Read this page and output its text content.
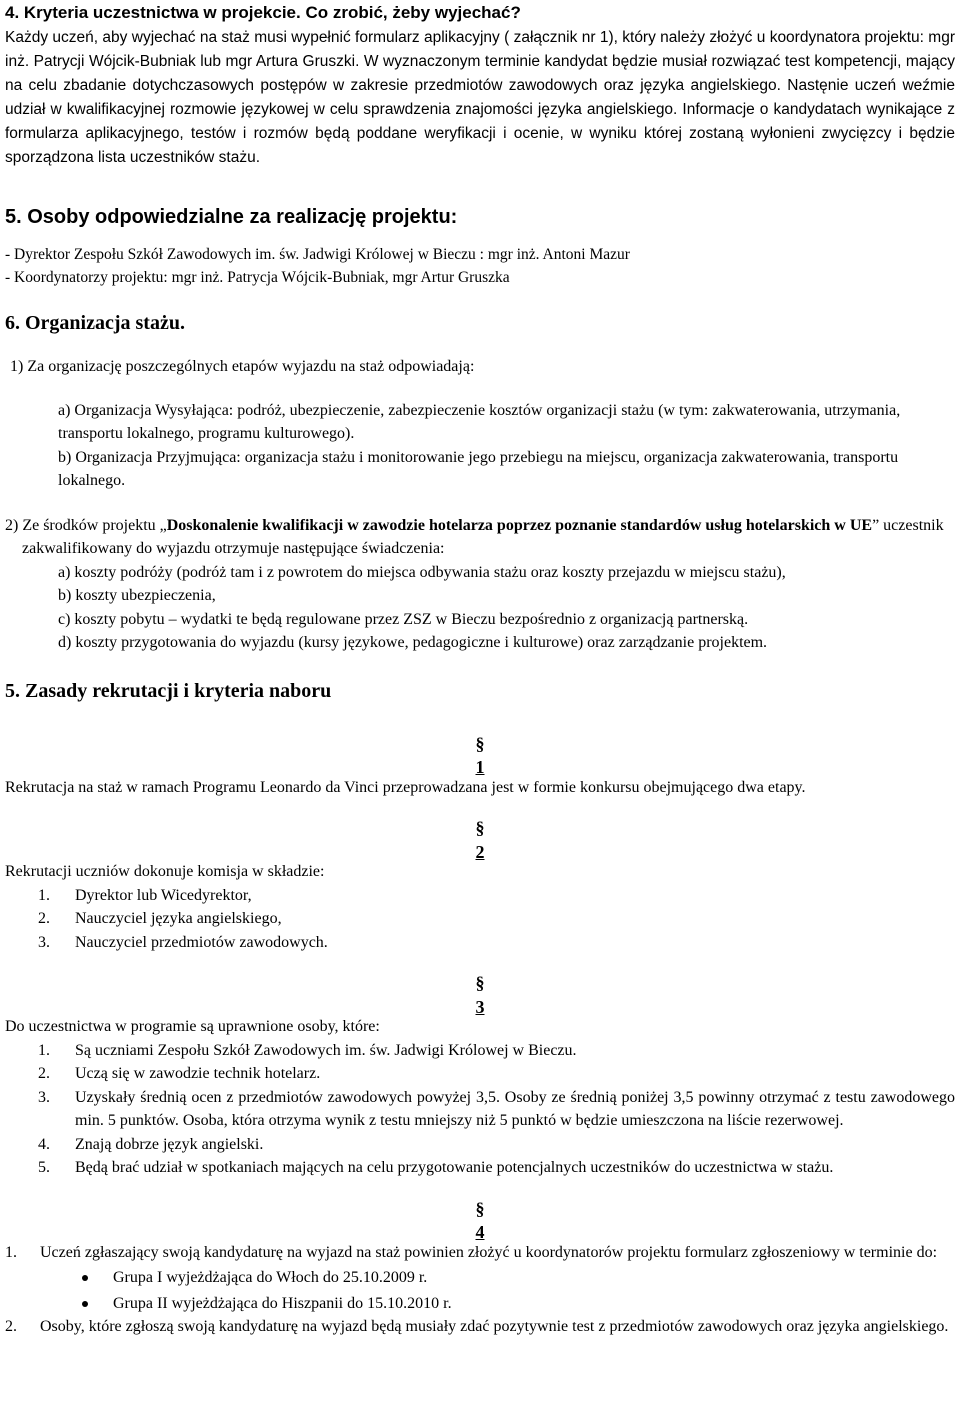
4. Kryteria uczestnictwa w projekcie. Co zrobić, żeby wyjechać?

Każdy uczeń, aby wyjechać na staż musi wypełnić formularz aplikacyjny ( załącznik nr 1), który należy złożyć u koordynatora projektu: mgr inż. Patrycji Wójcik-Bubniak lub mgr Artura Gruszki. W wyznaczonym terminie kandydat będzie musiał rozwiązać test kompetencji, mający na celu zbadanie dotychczasowych postępów w zakresie przedmiotów zawodowych oraz języka angielskiego. Nastęnie uczeń weźmie udział w kwalifikacyjnej rozmowie językowej w celu sprawdzenia znajomości języka angielskiego. Informacje o kandydatach wynikające z formularza aplikacyjnego, testów i rozmów będą poddane weryfikacji i ocenie, w wyniku której zostaną wyłonieni zwycięzcy i będzie sporządzona lista uczestników stażu.

5. Osoby odpowiedzialne za realizację projektu:

- Dyrektor Zespołu Szkół Zawodowych im. św. Jadwigi Królowej w Bieczu : mgr inż. Antoni Mazur

- Koordynatorzy projektu: mgr inż. Patrycja Wójcik-Bubniak, mgr Artur Gruszka

6. Organizacja stażu.

1) Za organizację poszczególnych etapów wyjazdu na staż odpowiadają:

a) Organizacja Wysyłająca: podróż, ubezpieczenie, zabezpieczenie kosztów organizacji stażu (w tym: zakwaterowania, utrzymania, transportu lokalnego, programu kulturowego).

b) Organizacja Przyjmująca: organizacja stażu i monitorowanie jego przebiegu na miejscu, organizacja zakwaterowania, transportu lokalnego.

2) Ze środków projektu „Doskonalenie kwalifikacji w zawodzie hotelarza poprzez poznanie standardów usług hotelarskich w UE” uczestnik zakwalifikowany do wyjazdu otrzymuje następujące świadczenia:

a) koszty podróży (podróż tam i z powrotem do miejsca odbywania stażu oraz koszty przejazdu w miejscu stażu),

b) koszty ubezpieczenia,

c) koszty pobytu – wydatki te będą regulowane przez ZSZ w Bieczu bezpośrednio z organizacją partnerską.

d) koszty przygotowania do wyjazdu (kursy językowe, pedagogiczne i kulturowe) oraz zarządzanie projektem.

5. Zasady rekrutacji i kryteria naboru
§
1

Rekrutacja na staż w ramach Programu Leonardo da Vinci przeprowadzana jest w formie konkursu obejmującego dwa etapy.

§
2

Rekrutacji uczniów dokonuje komisja w składzie:

1. Dyrektor lub Wicedyrektor,
2. Nauczyciel języka angielskiego,
3. Nauczyciel przedmiotów zawodowych.
§
3

Do uczestnictwa w programie są uprawnione osoby, które:

1. Są uczniami Zespołu Szkół Zawodowych im. św. Jadwigi Królowej w Bieczu.
2. Uczą się w zawodzie technik hotelarz.
3. Uzyskały średnią ocen z przedmiotów zawodowych powyżej 3,5. Osoby ze średnią poniżej 3,5 powinny otrzymać z testu zawodowego min. 5 punktów. Osoba, która otrzyma wynik z testu mniejszy niż 5 punktó w będzie umieszczona na liście rezerwowej.
4. Znają dobrze język angielski.
5. Będą brać udział w spotkaniach mających na celu przygotowanie potencjalnych uczestników do uczestnictwa w stażu.
§
4
1. Uczeń zgłaszający swoją kandydaturę na wyjazd na staż powinien złożyć u koordynatorów projektu formularz zgłoszeniowy w terminie do:
Grupa I wyjeżdżająca do Włoch do 25.10.2009 r.
Grupa II wyjeżdżająca do Hiszpanii do 15.10.2010 r.
2. Osoby, które zgłoszą swoją kandydaturę na wyjazd będą musiały zdać pozytywnie test z przedmiotów zawodowych oraz języka angielskiego.
